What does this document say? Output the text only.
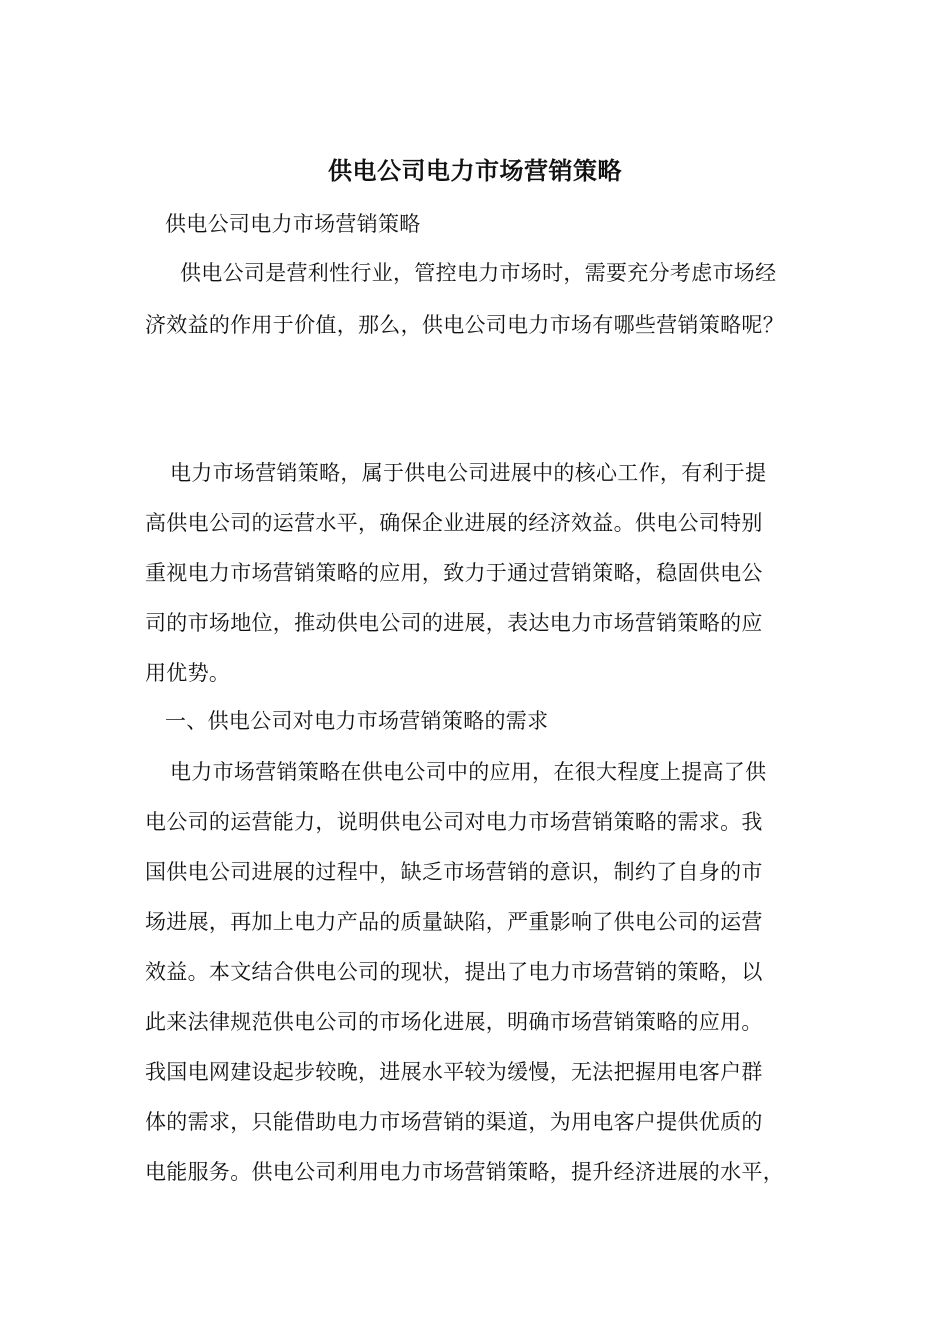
供电公司电力市场营销策略
供电公司电力市场营销策略
供电公司是营利性行业，管控电力市场时，需要充分考虑市场经
济效益的作用于价值，那么，供电公司电力市场有哪些营销策略呢？
电力市场营销策略，属于供电公司进展中的核心工作，有利于提
高供电公司的运营水平，确保企业进展的经济效益。供电公司特别
重视电力市场营销策略的应用，致力于通过营销策略，稳固供电公
司的市场地位，推动供电公司的进展，表达电力市场营销策略的应
用优势。
一、供电公司对电力市场营销策略的需求
电力市场营销策略在供电公司中的应用，在很大程度上提高了供
电公司的运营能力，说明供电公司对电力市场营销策略的需求。我
国供电公司进展的过程中，缺乏市场营销的意识，制约了自身的市
场进展，再加上电力产品的质量缺陷，严重影响了供电公司的运营
效益。本文结合供电公司的现状，提出了电力市场营销的策略，以
此来法律规范供电公司的市场化进展，明确市场营销策略的应用。
我国电网建设起步较晚，进展水平较为缓慢，无法把握用电客户群
体的需求，只能借助电力市场营销的渠道，为用电客户提供优质的
电能服务。供电公司利用电力市场营销策略，提升经济进展的水平，
